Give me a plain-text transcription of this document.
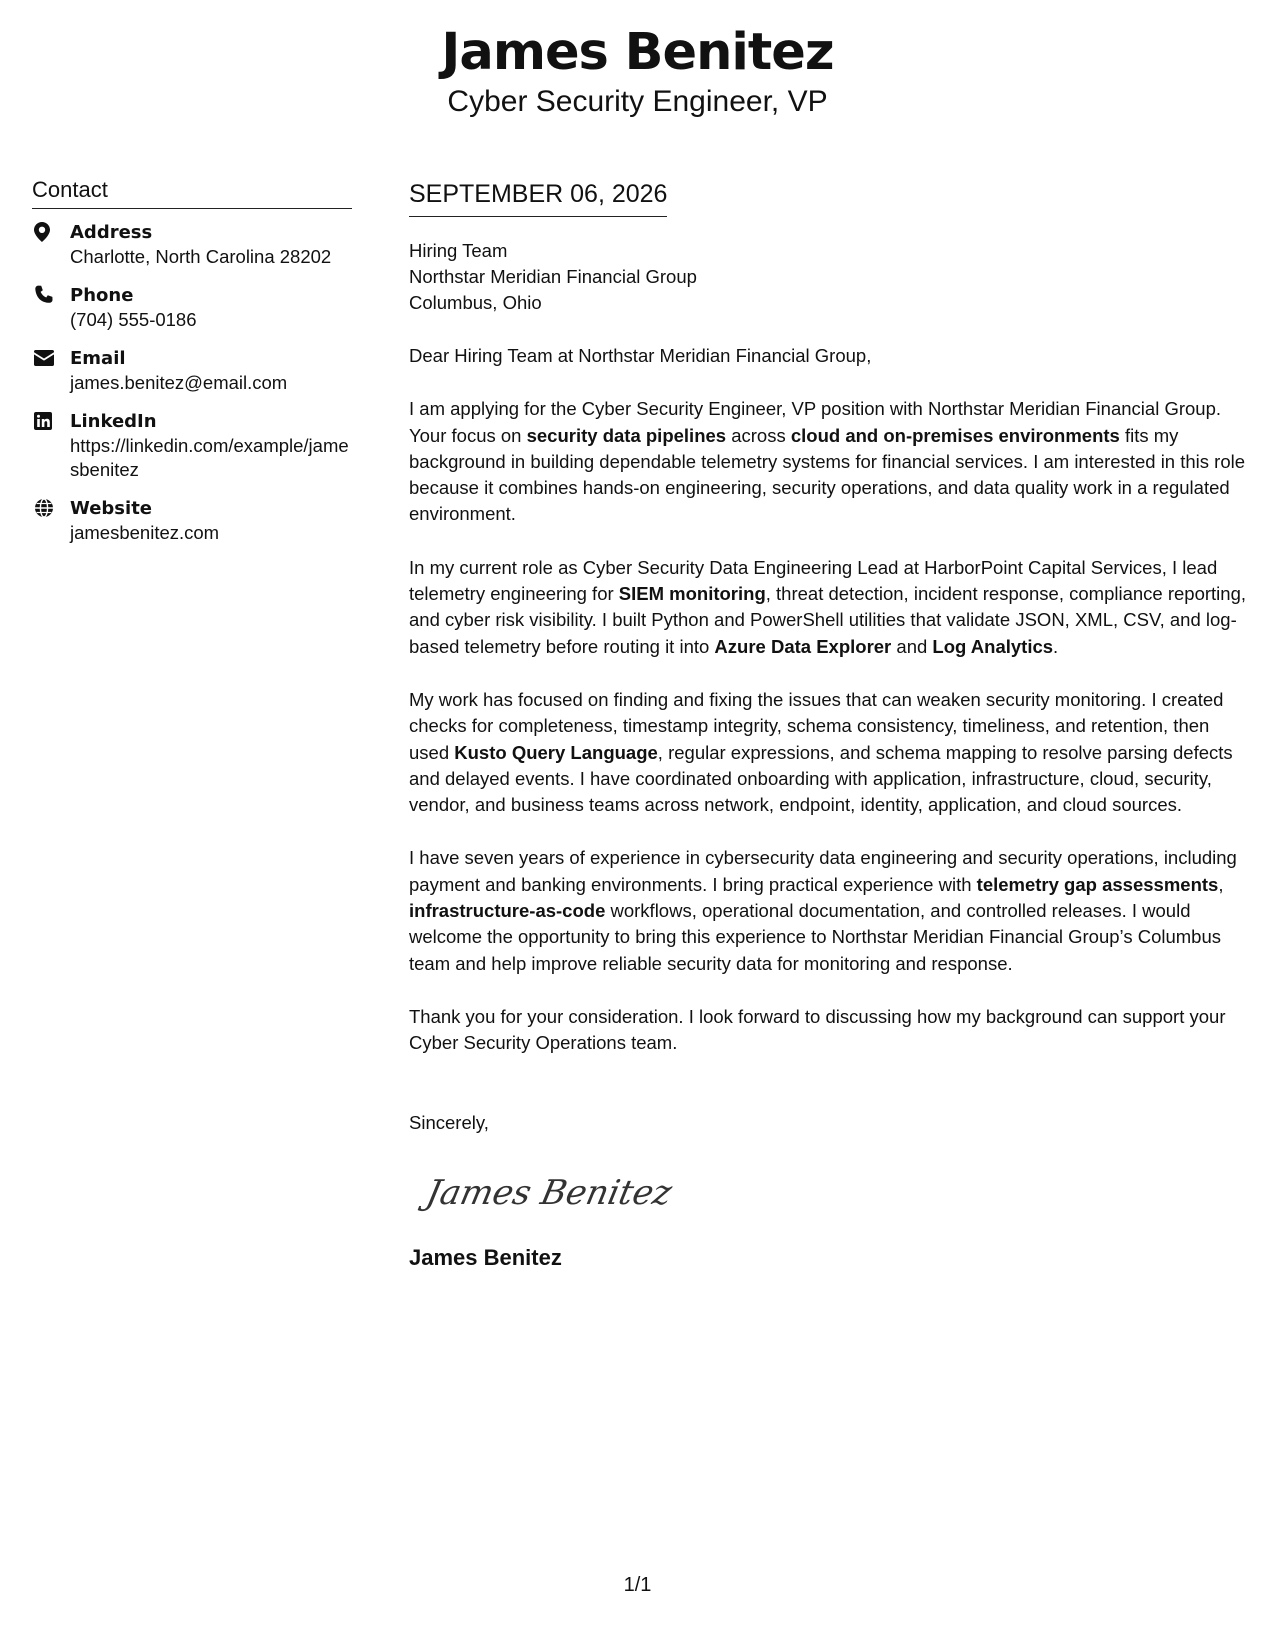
James Benitez
Cyber Security Engineer, VP
Contact
Address
Charlotte, North Carolina 28202
Phone
(704) 555-0186
Email
james.benitez@email.com
LinkedIn
https://linkedin.com/example/jamesbenitez
Website
jamesbenitez.com
SEPTEMBER 06, 2026
Hiring Team
Northstar Meridian Financial Group
Columbus, Ohio
Dear Hiring Team at Northstar Meridian Financial Group,
I am applying for the Cyber Security Engineer, VP position with Northstar Meridian Financial Group. Your focus on security data pipelines across cloud and on-premises environments fits my background in building dependable telemetry systems for financial services. I am interested in this role because it combines hands-on engineering, security operations, and data quality work in a regulated environment.
In my current role as Cyber Security Data Engineering Lead at HarborPoint Capital Services, I lead telemetry engineering for SIEM monitoring, threat detection, incident response, compliance reporting, and cyber risk visibility. I built Python and PowerShell utilities that validate JSON, XML, CSV, and log-based telemetry before routing it into Azure Data Explorer and Log Analytics.
My work has focused on finding and fixing the issues that can weaken security monitoring. I created checks for completeness, timestamp integrity, schema consistency, timeliness, and retention, then used Kusto Query Language, regular expressions, and schema mapping to resolve parsing defects and delayed events. I have coordinated onboarding with application, infrastructure, cloud, security, vendor, and business teams across network, endpoint, identity, application, and cloud sources.
I have seven years of experience in cybersecurity data engineering and security operations, including payment and banking environments. I bring practical experience with telemetry gap assessments, infrastructure-as-code workflows, operational documentation, and controlled releases. I would welcome the opportunity to bring this experience to Northstar Meridian Financial Group’s Columbus team and help improve reliable security data for monitoring and response.
Thank you for your consideration. I look forward to discussing how my background can support your Cyber Security Operations team.
Sincerely,
James Benitez
James Benitez
1/1
